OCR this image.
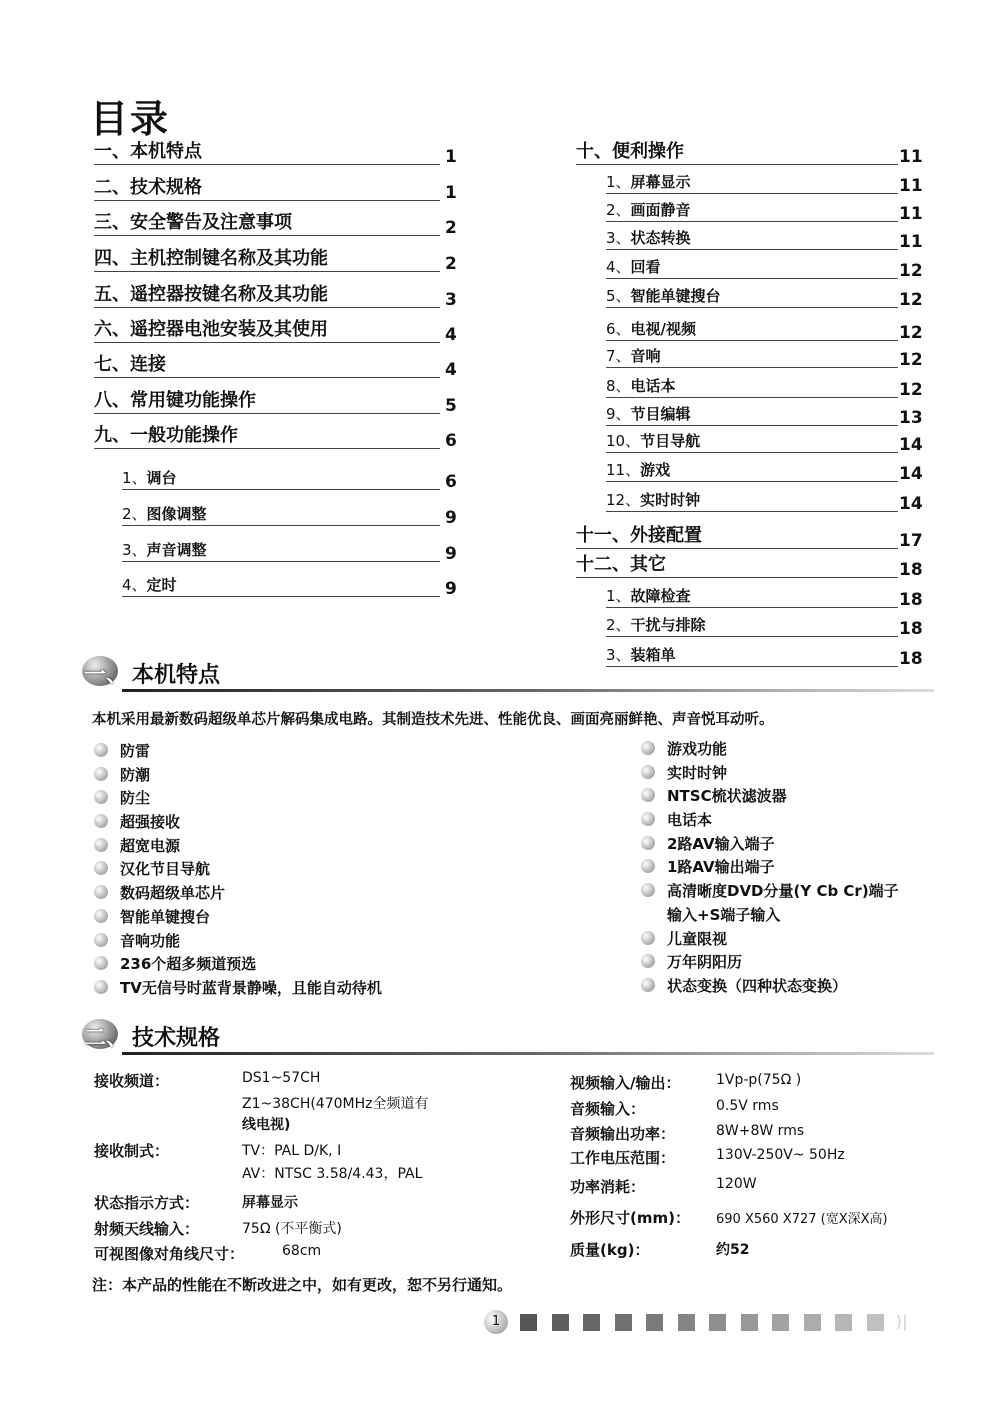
目录
一、本机特点	1
二、技术规格	1
三、安全警告及注意事项	2
四、主机控制键名称及其功能	2
五、遥控器按键名称及其功能	3
六、遥控器电池安装及其使用	4
七、连接	4
八、常用键功能操作	5
九、一般功能操作	6
1、调台	6
2、图像调整	9
3、声音调整	9
4、定时	9
十、便利操作	11
1、屏幕显示	11
2、画面静音	11
3、状态转换	11
4、回看	12
5、智能单键搜台	12
6、电视/视频	12
7、音响	12
8、电话本	12
9、节目编辑	13
10、节目导航	14
11、游戏	14
12、实时时钟	14
十一、外接配置	17
十二、其它	18
1、故障检查	18
2、干扰与排除	18
3、装箱单	18
一、 本机特点
本机采用最新数码超级单芯片解码集成电路。其制造技术先进、性能优良、画面亮丽鲜艳、声音悦耳动听。
防雷
防潮
防尘
超强接收
超宽电源
汉化节目导航
数码超级单芯片
智能单键搜台
音响功能
236个超多频道预选
TV无信号时蓝背景静噪，且能自动待机
游戏功能
实时时钟
NTSC梳状滤波器
电话本
2路AV输入端子
1路AV输出端子
高清晰度DVD分量(Y Cb Cr)端子
输入+S端子输入
儿童限视
万年阴阳历
状态变换（四种状态变换）
二、 技术规格
接收频道：	DS1~57CH
Z1~38CH(470MHz全频道有
线电视)
接收制式：	TV：PAL D/K, I
AV：NTSC 3.58/4.43，PAL
状态指示方式：	屏幕显示
射频天线输入：	75Ω (不平衡式)
可视图像对角线尺寸：	68cm
视频输入/输出：	1Vp-p(75Ω )
音频输入：	0.5V rms
音频输出功率：	8W+8W rms
工作电压范围：	130V-250V~ 50Hz
功率消耗：	120W
外形尺寸(mm)： 690 X560 X727 (宽X深X高)
质量(kg)：	约52
注：本产品的性能在不断改进之中，如有更改，恕不另行通知。
1	⟩|
